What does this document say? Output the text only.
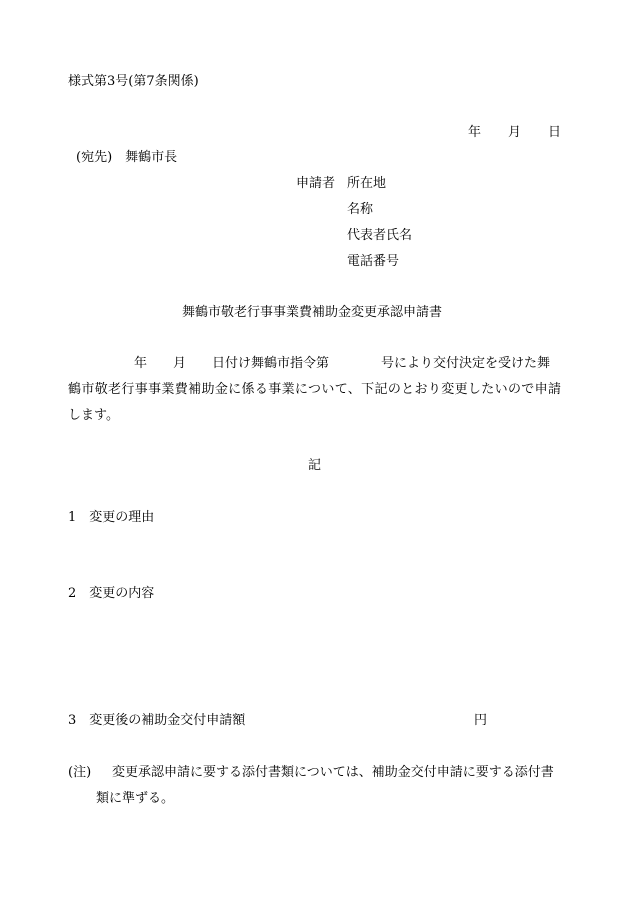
様式第3号(第7条関係)
年 月 日
(宛先)　舞鶴市長
申請者 所在地
名称
代表者氏名
電話番号
舞鶴市敬老行事事業費補助金変更承認申請書
年 月 日付け舞鶴市指令第	号により交付決定を受けた舞
鶴市敬老行事事業費補助金に係る事業について、下記のとおり変更したいので申請
します。
記
1　変更の理由
2　変更の内容
3　変更後の補助金交付申請額	円
(注) 変更承認申請に要する添付書類については、補助金交付申請に要する添付書
類に準ずる。
